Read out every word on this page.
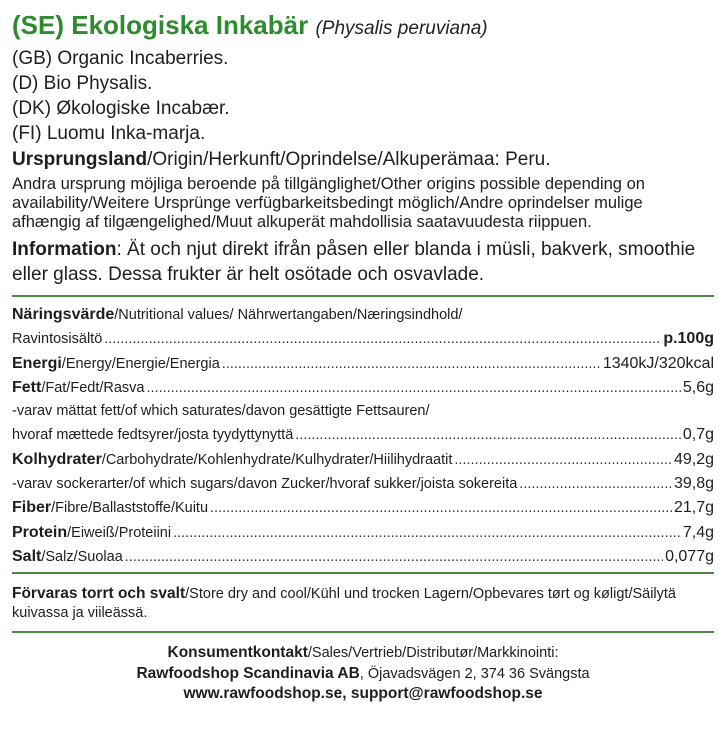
(SE) Ekologiska Inkabär (Physalis peruviana)
(GB) Organic Incaberries.
(D) Bio Physalis.
(DK) Økologiske Incabær.
(FI) Luomu Inka-marja.
Ursprungsland/Origin/Herkunft/Oprindelse/Alkuperämaa: Peru.
Andra ursprung möjliga beroende på tillgänglighet/Other origins possible depending on availability/Weitere Ursprünge verfügbarkeitsbedingt möglich/Andre oprindelser mulige afhængig af tilgængelighed/Muut alkuperät mahdollisia saatavuudesta riippuen.
Information: Ät och njut direkt ifrån påsen eller blanda i müsli, bakverk, smoothie eller glass. Dessa frukter är helt osötade och osvavlade.
Näringsvärde/Nutritional values/ Nährwertangaben/Næringsindhold/
Ravintosisältö .....	p.100g
Energi/Energy/Energie/Energia .....	1340kJ/320kcal
Fett/Fat/Fedt/Rasva .....	5,6g
-varav mättat fett/of which saturates/davon gesättigte Fettsauren/
hvoraf mættede fedtsyrer/josta tyydyttynyttä .....	0,7g
Kolhydrater/Carbohydrate/Kohlenhydrate/Kulhydrater/Hiilihydraatit .....	49,2g
-varav sockerarter/of which sugars/davon Zucker/hvoraf sukker/joista sokereita .....	39,8g
Fiber/Fibre/Ballaststoffe/Kuitu .....	21,7g
Protein/Eiweiß/Proteiini .....	7,4g
Salt/Salz/Suolaa .....	0,077g
Förvaras torrt och svalt/Store dry and cool/Kühl und trocken Lagern/Opbevares tørt og køligt/Säilytä kuivassa ja viileässä.
Konsumentkontakt/Sales/Vertrieb/Distributør/Markkinointi:
Rawfoodshop Scandinavia AB, Öjavadsvägen 2, 374 36 Svängsta
www.rawfoodshop.se, support@rawfoodshop.se
